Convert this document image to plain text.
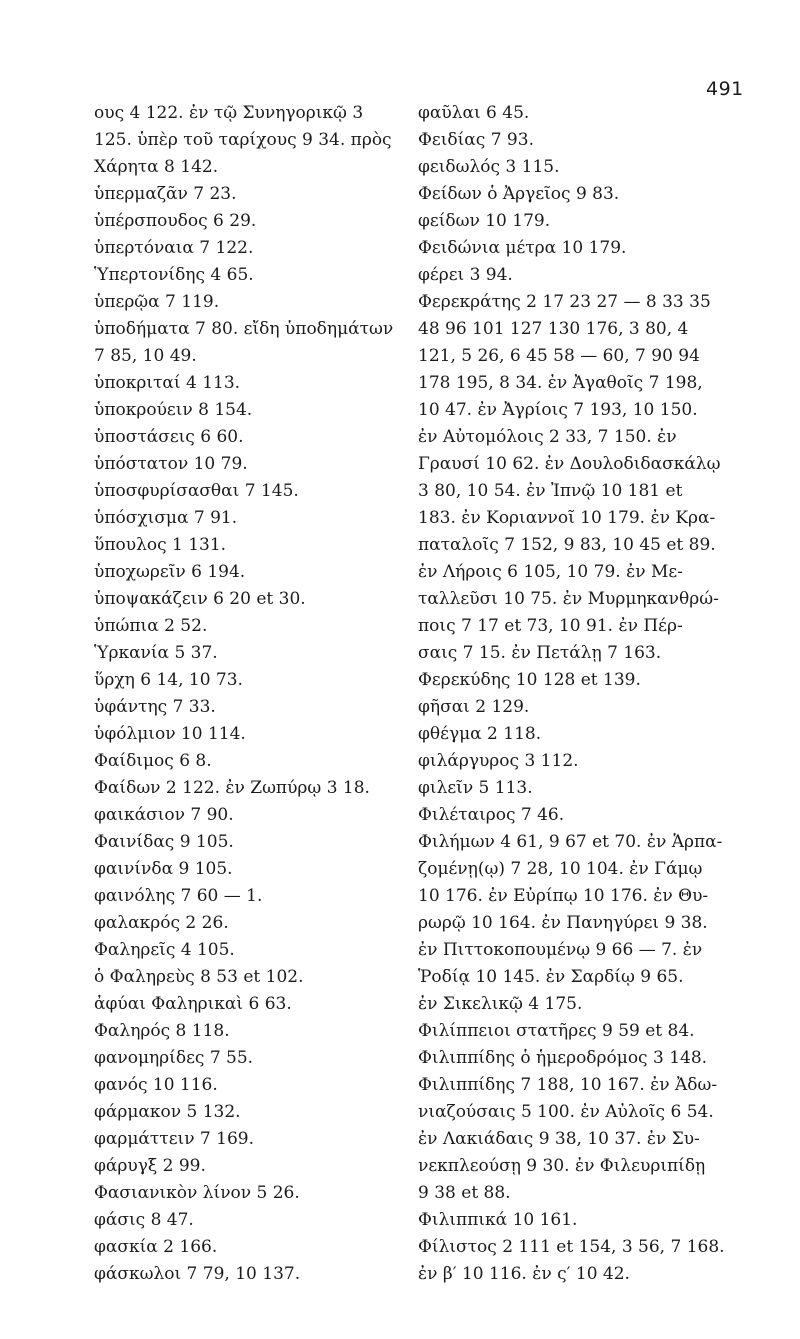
491
ους 4 122. ἐν τῷ Συνηγορικῷ 3
125. ὑπὲρ τοῦ ταρίχους 9 34. πρὸς
Χάρητα 8 142.
ὑπερμαζᾶν 7 23.
ὑπέρσπουδος 6 29.
ὑπερτόναια 7 122.
Ὑπερτονίδης 4 65.
ὑπερῷα 7 119.
ὑποδήματα 7 80. εἴδη ὑποδημάτων
7 85, 10 49.
ὑποκριταί 4 113.
ὑποκρούειν 8 154.
ὑποστάσεις 6 60.
ὑπόστατον 10 79.
ὑποσφυρίσασθαι 7 145.
ὑπόσχισμα 7 91.
ὕπουλος 1 131.
ὑποχωρεῖν 6 194.
ὑποψακάζειν 6 20 et 30.
ὑπώπια 2 52.
Ὑρκανία 5 37.
ὕρχη 6 14, 10 73.
ὑφάντης 7 33.
ὑφόλμιον 10 114.
Φαίδιμος 6 8.
Φαίδων 2 122. ἐν Ζωπύρῳ 3 18.
φαικάσιον 7 90.
Φαινίδας 9 105.
φαινίνδα 9 105.
φαινόλης 7 60 — 1.
φαλακρός 2 26.
Φαληρεῖς 4 105.
ὁ Φαληρεὺς 8 53 et 102.
ἀφύαι Φαληρικαὶ 6 63.
Φαληρός 8 118.
φανομηρίδες 7 55.
φανός 10 116.
φάρμακον 5 132.
φαρμάττειν 7 169.
φάρυγξ 2 99.
Φασιανικὸν λίνον 5 26.
φάσις 8 47.
φασκία 2 166.
φάσκωλοι 7 79, 10 137.
φαῦλαι 6 45.
Φειδίας 7 93.
φειδωλός 3 115.
Φείδων ὁ Ἀργεῖος 9 83.
φείδων 10 179.
Φειδώνια μέτρα 10 179.
φέρει 3 94.
Φερεκράτης 2 17 23 27 — 8 33 35
48 96 101 127 130 176, 3 80, 4
121, 5 26, 6 45 58 — 60, 7 90 94
178 195, 8 34. ἐν Ἀγαθοῖς 7 198,
10 47. ἐν Ἀγρίοις 7 193, 10 150.
ἐν Αὐτομόλοις 2 33, 7 150. ἐν
Γραυσί 10 62. ἐν Δουλοδιδασκάλῳ
3 80, 10 54. ἐν Ἰπνῷ 10 181 et
183. ἐν Κοριαννοῖ 10 179. ἐν Κρα-
παταλοῖς 7 152, 9 83, 10 45 et 89.
ἐν Λήροις 6 105, 10 79. ἐν Με-
ταλλεῦσι 10 75. ἐν Μυρμηκανθρώ-
ποις 7 17 et 73, 10 91. ἐν Πέρ-
σαις 7 15. ἐν Πετάλῃ 7 163.
Φερεκύδης 10 128 et 139.
φῆσαι 2 129.
φθέγμα 2 118.
φιλάργυρος 3 112.
φιλεῖν 5 113.
Φιλέταιρος 7 46.
Φιλήμων 4 61, 9 67 et 70. ἐν Ἁρπα-
ζομένῃ(ῳ) 7 28, 10 104. ἐν Γάμῳ
10 176. ἐν Εὐρίπῳ 10 176. ἐν Θυ-
ρωρῷ 10 164. ἐν Πανηγύρει 9 38.
ἐν Πιττοκοπουμένῳ 9 66 — 7. ἐν
Ῥοδίᾳ 10 145. ἐν Σαρδίῳ 9 65.
ἐν Σικελικῷ 4 175.
Φιλίππειοι στατῆρες 9 59 et 84.
Φιλιππίδης ὁ ἡμεροδρόμος 3 148.
Φιλιππίδης 7 188, 10 167. ἐν Ἀδω-
νιαζούσαις 5 100. ἐν Αὐλοῖς 6 54.
ἐν Λακιάδαις 9 38, 10 37. ἐν Συ-
νεκπλεούσῃ 9 30. ἐν Φιλευριπίδῃ
9 38 et 88.
Φιλιππικά 10 161.
Φίλιστος 2 111 et 154, 3 56, 7 168.
ἐν β′ 10 116. ἐν ς′ 10 42.
